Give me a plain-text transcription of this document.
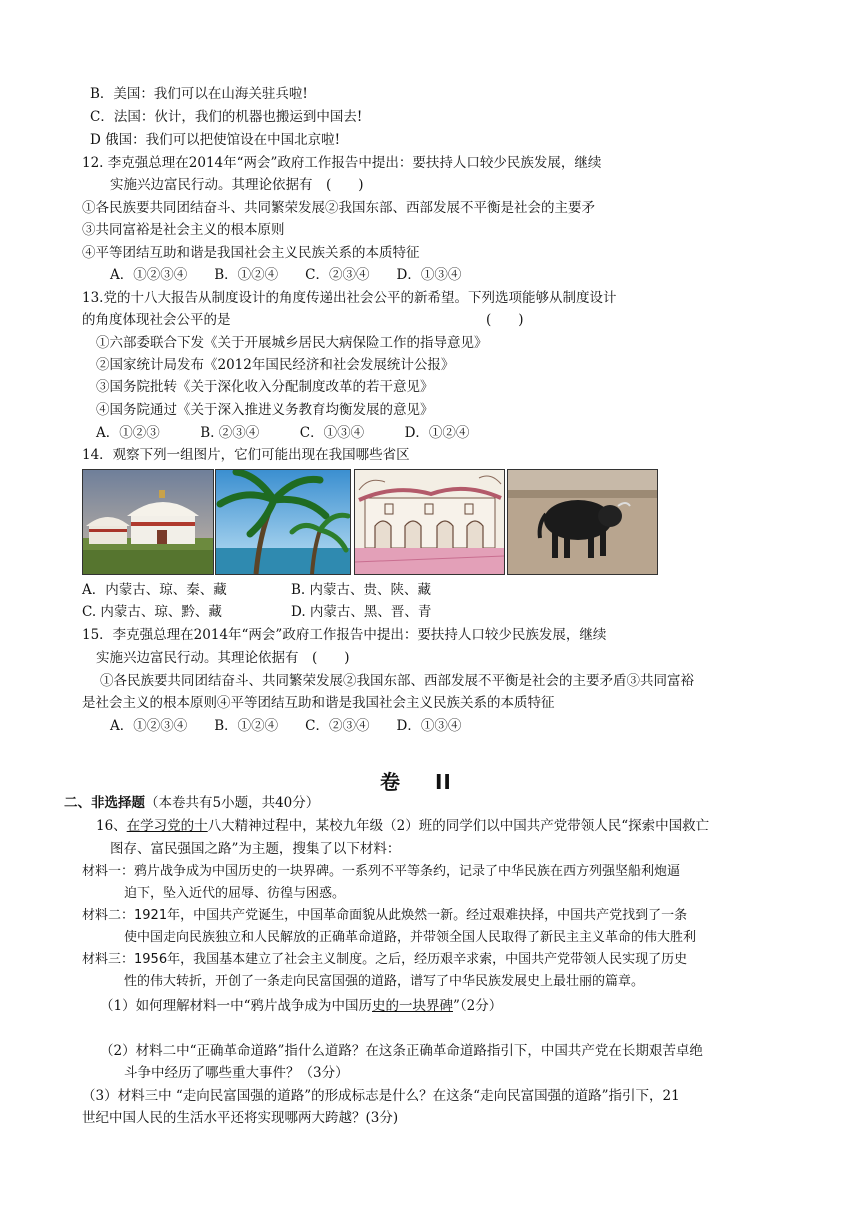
B．美国：我们可以在山海关驻兵啦!
C．法国：伙计，我们的机器也搬运到中国去!
D 俄国：我们可以把使馆设在中国北京啦!
12. 李克强总理在2014年“两会”政府工作报告中提出：要扶持人口较少民族发展，继续
实施兴边富民行动。其理论依据有　(　　)
①各民族要共同团结奋斗、共同繁荣发展②我国东部、西部发展不平衡是社会的主要矛
③共同富裕是社会主义的根本原则
④平等团结互助和谐是我国社会主义民族关系的本质特征
A．①②③④　　B．①②④　　C．②③④　　D．①③④
13.党的十八大报告从制度设计的角度传递出社会公平的新希望。下列选项能够从制度设计
的角度体现社会公平的是	(　　)
①六部委联合下发《关于开展城乡居民大病保险工作的指导意见》
②国家统计局发布《2012年国民经济和社会发展统计公报》
③国务院批转《关于深化收入分配制度改革的若干意见》
④国务院通过《关于深入推进义务教育均衡发展的意见》
A．①②③　　　B. ②③④　　　C．①③④　　　D．①②④
14．观察下列一组图片，它们可能出现在我国哪些省区
A．内蒙古、琼、秦、藏	B. 内蒙古、贵、陕、藏
C. 内蒙古、琼、黔、藏	D. 内蒙古、黑、晋、青
15．李克强总理在2014年“两会”政府工作报告中提出：要扶持人口较少民族发展，继续
实施兴边富民行动。其理论依据有　(　　)
①各民族要共同团结奋斗、共同繁荣发展②我国东部、西部发展不平衡是社会的主要矛盾③共同富裕
是社会主义的根本原则④平等团结互助和谐是我国社会主义民族关系的本质特征
A．①②③④　　B．①②④　　C．②③④　　D．①③④
卷 II
二、非选择题（本卷共有5小题，共40分）
16、在学习党的十八大精神过程中，某校九年级（2）班的同学们以中国共产党带领人民“探索中国救亡
图存、富民强国之路”为主题，搜集了以下材料：
材料一：鸦片战争成为中国历史的一块界碑。一系列不平等条约，记录了中华民族在西方列强坚船利炮逼
迫下，坠入近代的屈辱、彷徨与困惑。
材料二：1921年，中国共产党诞生，中国革命面貌从此焕然一新。经过艰难抉择，中国共产党找到了一条
使中国走向民族独立和人民解放的正确革命道路，并带领全国人民取得了新民主主义革命的伟大胜利
材料三：1956年，我国基本建立了社会主义制度。之后，经历艰辛求索，中国共产党带领人民实现了历史
性的伟大转折，开创了一条走向民富国强的道路，谱写了中华民族发展史上最壮丽的篇章。
（1）如何理解材料一中“鸦片战争成为中国历史的一块界碑”（2分）
（2）材料二中“正确革命道路”指什么道路？在这条正确革命道路指引下，中国共产党在长期艰苦卓绝
斗争中经历了哪些重大事件？（3分）
（3）材料三中 “走向民富国强的道路”的形成标志是什么？在这条“走向民富国强的道路”指引下，21
世纪中国人民的生活水平还将实现哪两大跨越？(3分)
